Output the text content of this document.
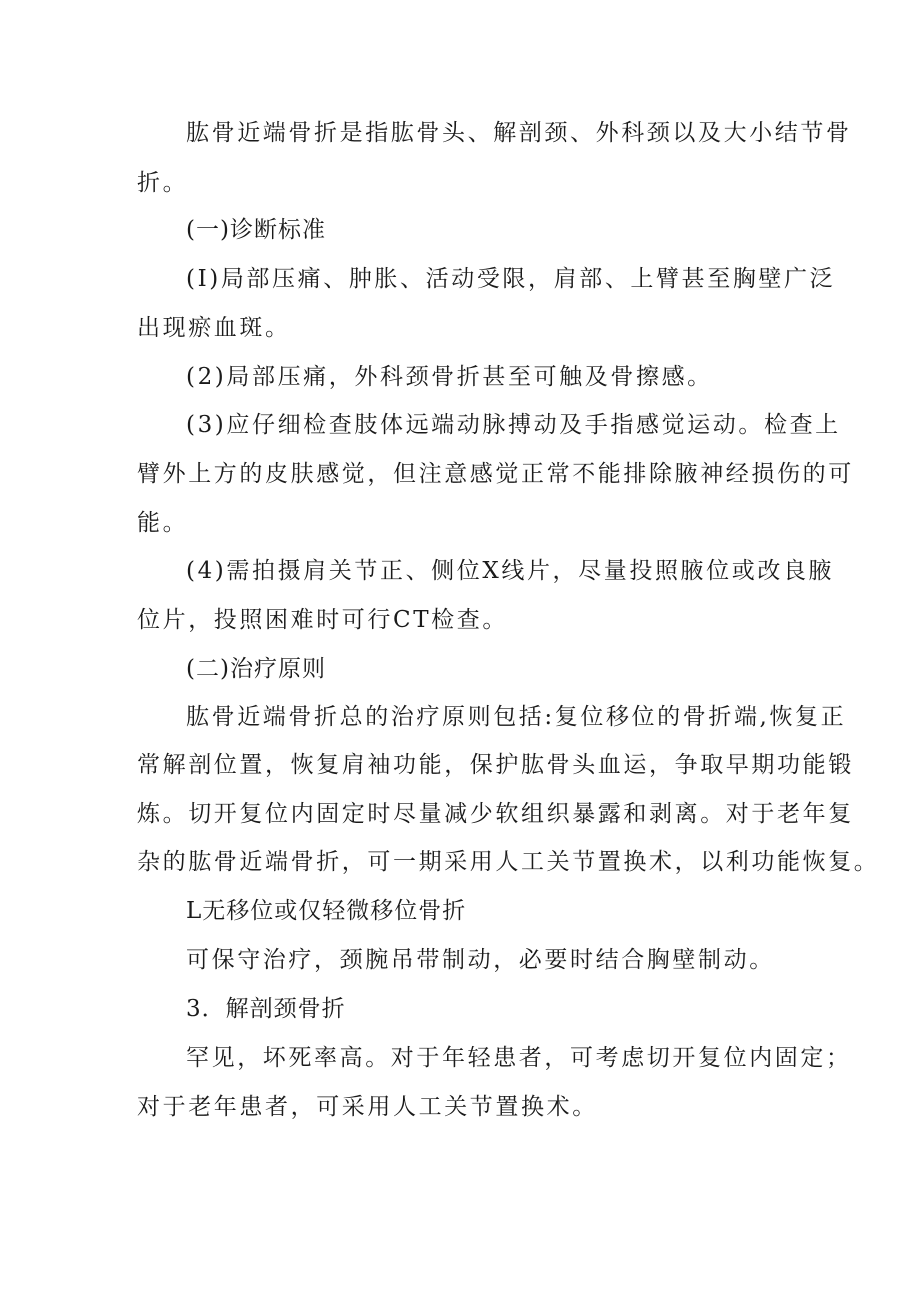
肱骨近端骨折是指肱骨头、解剖颈、外科颈以及大小结节骨
折。
(一)诊断标准
(I)局部压痛、肿胀、活动受限，肩部、上臂甚至胸壁广泛
出现瘀血斑。
(2)局部压痛，外科颈骨折甚至可触及骨擦感。
(3)应仔细检查肢体远端动脉搏动及手指感觉运动。检查上
臂外上方的皮肤感觉，但注意感觉正常不能排除腋神经损伤的可
能。
(4)需拍摄肩关节正、侧位X线片，尽量投照腋位或改良腋
位片，投照困难时可行CT检查。
(二)治疗原则
肱骨近端骨折总的治疗原则包括:复位移位的骨折端,恢复正
常解剖位置，恢复肩袖功能，保护肱骨头血运，争取早期功能锻
炼。切开复位内固定时尽量减少软组织暴露和剥离。对于老年复
杂的肱骨近端骨折，可一期采用人工关节置换术，以利功能恢复。
L无移位或仅轻微移位骨折
可保守治疗，颈腕吊带制动，必要时结合胸壁制动。
3．解剖颈骨折
罕见，坏死率高。对于年轻患者，可考虑切开复位内固定；
对于老年患者，可采用人工关节置换术。
